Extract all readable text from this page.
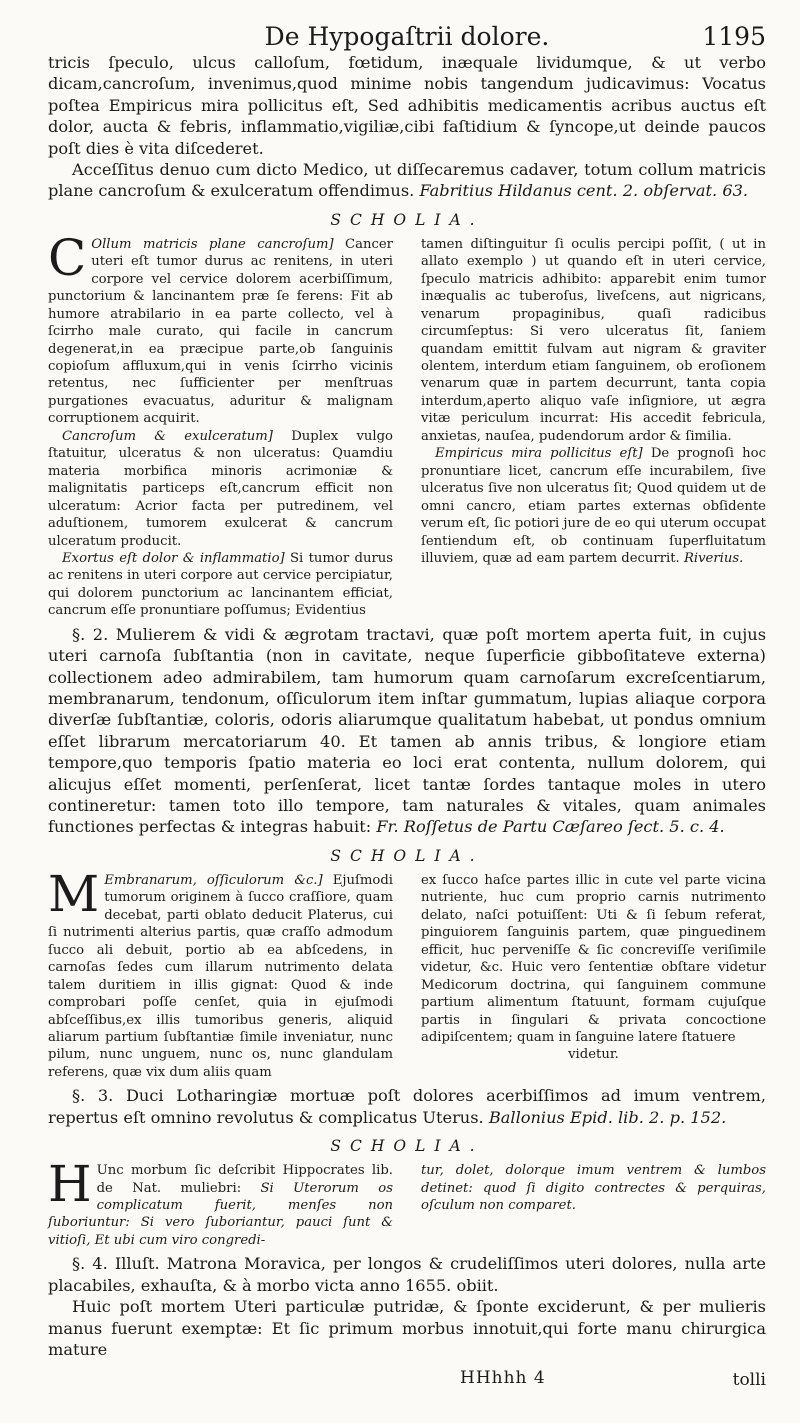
De Hypogaſtrii dolore.	1195

tricis ſpeculo, ulcus calloſum, fœtidum, inæquale lividumque, & ut verbo dicam,cancroſum, invenimus,quod minime nobis tangendum judicavimus: Vocatus poſtea Empiricus mira pollicitus eſt, Sed adhibitis medicamentis acribus auctus eſt dolor, aucta & febris, inflammatio,vigiliæ,cibi faſtidium & ſyncope,ut deinde paucos poſt dies è vita diſcederet.

Acceſſitus denuo cum dicto Medico, ut diſſecaremus cadaver, totum collum matricis plane cancroſum & exulceratum offendimus. Fabritius Hildanus cent. 2. obſervat. 63.

SCHOLIA.

C Ollum matricis plane cancroſum] Cancer uteri eſt tumor durus ac renitens, in uteri corpore vel cervice dolorem acerbiſſimum, punctorium & lancinantem præ ſe ferens: Fit ab humore atrabilario in ea parte collecto, vel à ſcirrho male curato, qui facile in cancrum degenerat,in ea præcipue parte,ob ſanguinis copioſum affluxum,qui in venis ſcirrho vicinis retentus, nec ſufficienter per menſtruas purgationes evacuatus, aduritur & malignam corruptionem acquirit.

Cancroſum & exulceratum] Duplex vulgo ſtatuitur, ulceratus & non ulceratus: Quamdiu materia morbifica minoris acrimoniæ & malignitatis particeps eſt,cancrum efficit non ulceratum: Acrior facta per putredinem, vel aduſtionem, tumorem exulcerat & cancrum ulceratum producit.

Exortus eſt dolor & inflammatio] Si tumor durus ac renitens in uteri corpore aut cervice percipiatur, qui dolorem punctorium ac lancinantem efficiat, cancrum eſſe pronuntiare poſſumus; Evidentius

tamen diſtinguitur ſi oculis percipi poſſit, ( ut in allato exemplo ) ut quando eſt in uteri cervice, ſpeculo matricis adhibito: apparebit enim tumor inæqualis ac tuberoſus, liveſcens, aut nigricans, venarum propaginibus, quaſi radicibus circumſeptus: Si vero ulceratus ſit, ſaniem quandam emittit fulvam aut nigram & graviter olentem, interdum etiam ſanguinem, ob eroſionem venarum quæ in partem decurrunt, tanta copia interdum,aperto aliquo vaſe inſigniore, ut ægra vitæ periculum incurrat: His accedit febricula, anxietas, nauſea, pudendorum ardor & ſimilia.

Empiricus mira pollicitus eſt] De prognoſi hoc pronuntiare licet, cancrum eſſe incurabilem, ſive ulceratus ſive non ulceratus ſit; Quod quidem ut de omni cancro, etiam partes externas obſidente verum eſt, ſic potiori jure de eo qui uterum occupat ſentiendum eſt, ob continuam ſuperfluitatum illuviem, quæ ad eam partem decurrit. Riverius.

§. 2. Mulierem & vidi & ægrotam tractavi, quæ poſt mortem aperta fuit, in cujus uteri carnoſa ſubſtantia (non in cavitate, neque ſuperficie gibboſitateve externa) collectionem adeo admirabilem, tam humorum quam carnoſarum excreſcentiarum, membranarum, tendonum, oſſiculorum item inſtar gummatum, lupias aliaque corpora diverſæ ſubſtantiæ, coloris, odoris aliarumque qualitatum habebat, ut pondus omnium eſſet librarum mercatoriarum 40. Et tamen ab annis tribus, & longiore etiam tempore,quo temporis ſpatio materia eo loci erat contenta, nullum dolorem, qui alicujus eſſet momenti, perſenſerat, licet tantæ ſordes tantaque moles in utero contineretur: tamen toto illo tempore, tam naturales & vitales, quam animales functiones perfectas & integras habuit: Fr. Roſſetus de Partu Cæſareo ſect. 5. c. 4.

SCHOLIA.

M Embranarum, oſſiculorum &c.] Ejuſmodi tumorum originem à ſucco craſſiore, quam decebat, parti oblato deducit Platerus, cui ſi nutrimenti alterius partis, quæ craſſo admodum ſucco ali debuit, portio ab ea abſcedens, in carnoſas ſedes cum illarum nutrimento delata talem duritiem in illis gignat: Quod & inde comprobari poſſe cenſet, quia in ejuſmodi abſceſſibus,ex illis tumoribus generis, aliquid aliarum partium ſubſtantiæ ſimile inveniatur, nunc pilum, nunc unguem, nunc os, nunc glandulam referens, quæ vix dum aliis quam

ex ſucco haſce partes illic in cute vel parte vicina nutriente, huc cum proprio carnis nutrimento delato, naſci potuiſſent: Uti & ſi ſebum referat, pinguiorem ſanguinis partem, quæ pinguedinem efficit, huc perveniſſe & ſic concreviſſe veriſimile videtur, &c. Huic vero ſententiæ obſtare videtur Medicorum doctrina, qui ſanguinem commune partium alimentum ſtatuunt, formam cujuſque partis in ſingulari & privata concoctione adipiſcentem; quam in ſanguine latere ſtatuere

videtur.

§. 3. Duci Lotharingiæ mortuæ poſt dolores acerbiſſimos ad imum ventrem, repertus eſt omnino revolutus & complicatus Uterus. Ballonius Epid. lib. 2. p. 152.

SCHOLIA.

H Unc morbum ſic deſcribit Hippocrates lib. de Nat. muliebri: Si Uterorum os complicatum fuerit, menſes non ſuboriuntur: Si vero ſuboriantur, pauci ſunt & vitioſi, Et ubi cum viro congredi-

tur, dolet, dolorque imum ventrem & lumbos detinet: quod ſi digito contrectes & perquiras, oſculum non comparet.

§. 4. Illuſt. Matrona Moravica, per longos & crudeliſſimos uteri dolores, nulla arte placabiles, exhauſta, & à morbo victa anno 1655. obiit.

Huic poſt mortem Uteri particulæ putridæ, & ſponte exciderunt, & per mulieris manus fuerunt exemptæ: Et ſic primum morbus innotuit,qui forte manu chirurgica mature

HHhhh 4	tolli
